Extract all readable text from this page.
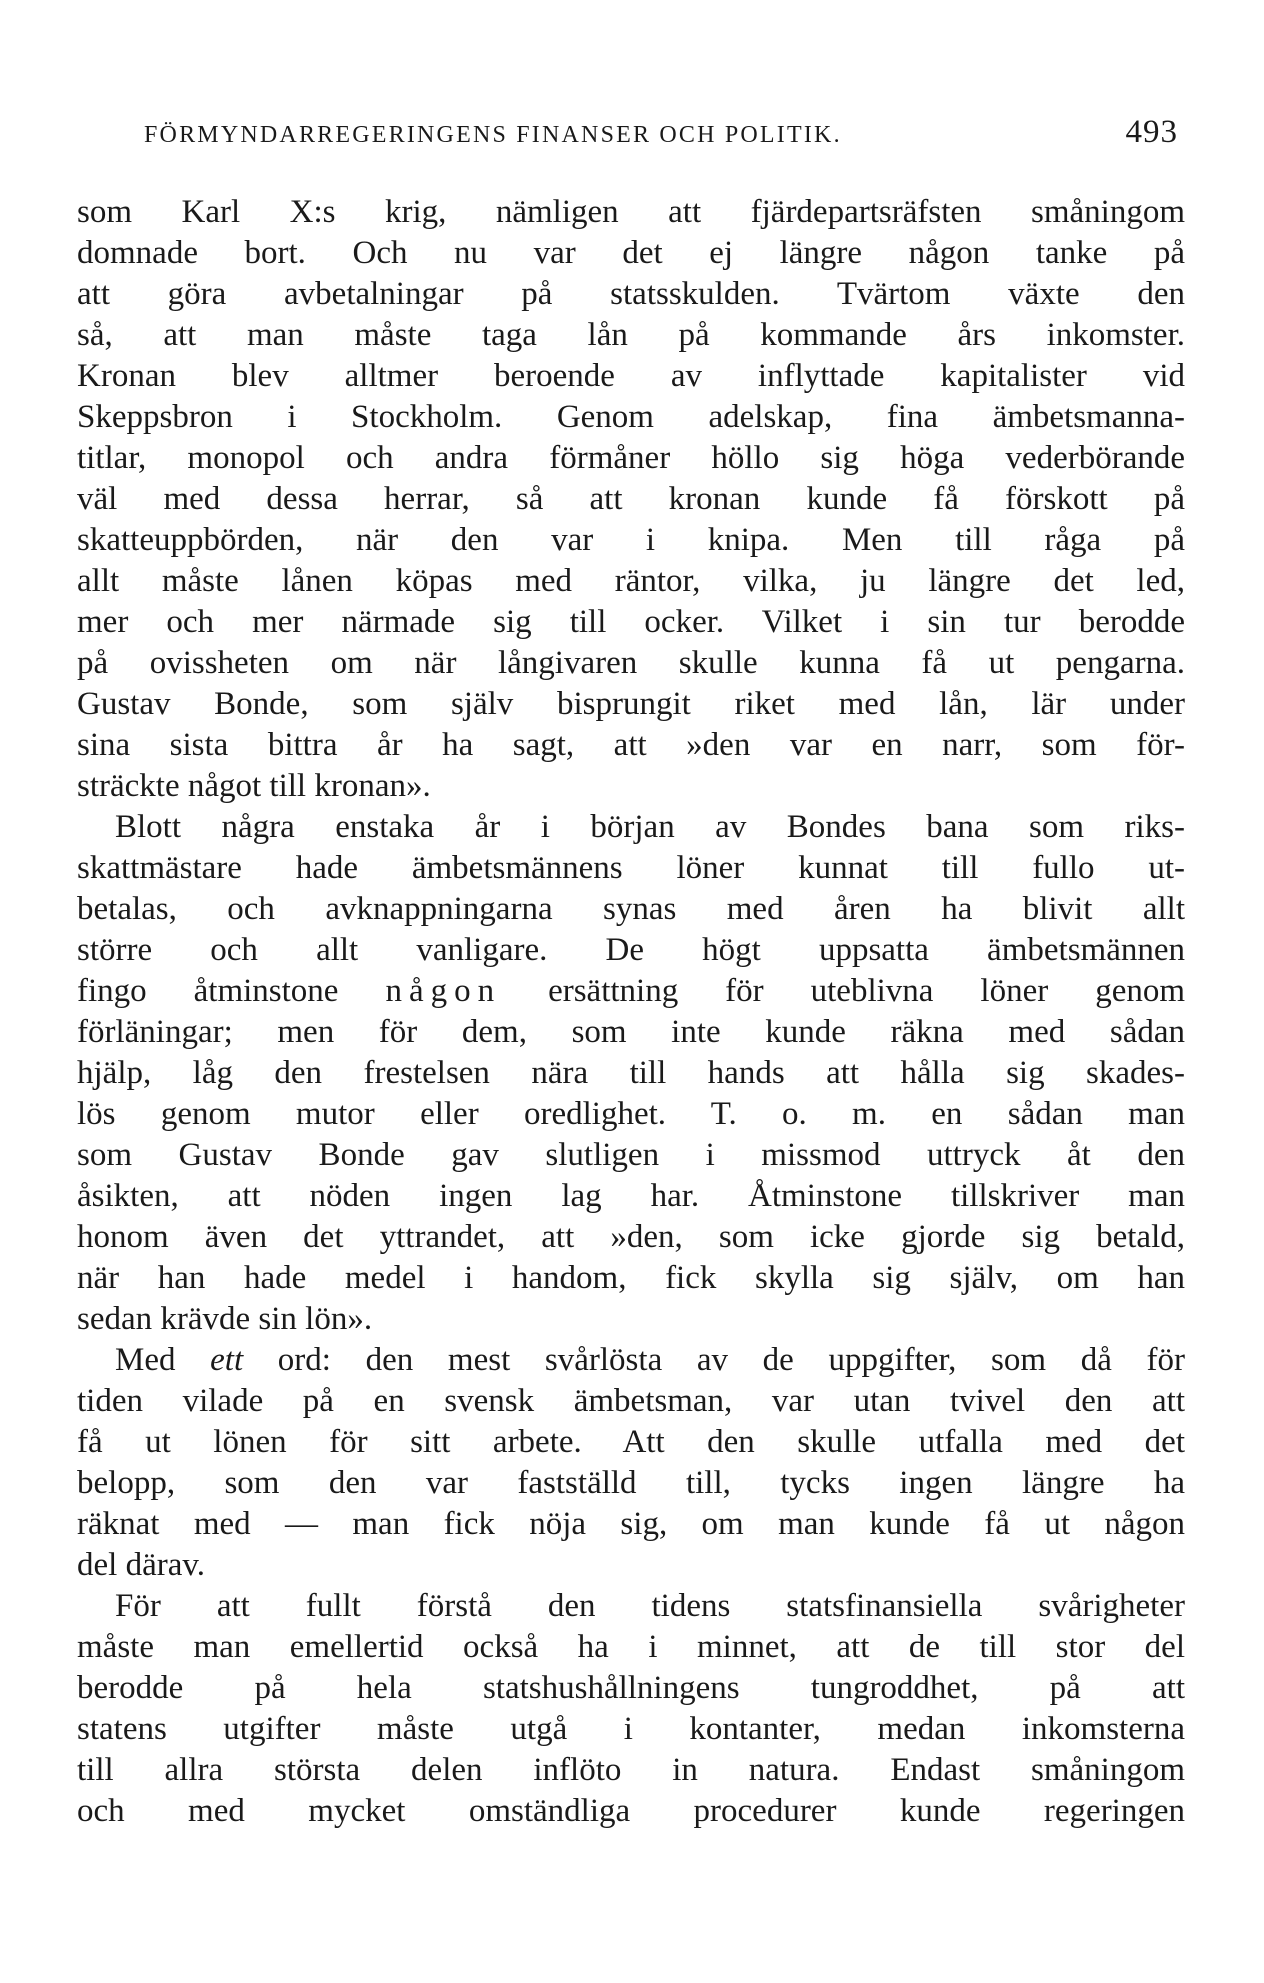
FÖRMYNDARREGERINGENS FINANSER OCH POLITIK.	493
som Karl X:s krig, nämligen att fjärdepartsräfsten småningom
domnade bort. Och nu var det ej längre någon tanke på
att göra avbetalningar på statsskulden. Tvärtom växte den
så, att man måste taga lån på kommande års inkomster.
Kronan blev alltmer beroende av inflyttade kapitalister vid
Skeppsbron i Stockholm. Genom adelskap, fina ämbetsmanna-
titlar, monopol och andra förmåner höllo sig höga vederbörande
väl med dessa herrar, så att kronan kunde få förskott på
skatteuppbörden, när den var i knipa. Men till råga på
allt måste lånen köpas med räntor, vilka, ju längre det led,
mer och mer närmade sig till ocker. Vilket i sin tur berodde
på ovissheten om när långivaren skulle kunna få ut pengarna.
Gustav Bonde, som själv bisprungit riket med lån, lär under
sina sista bittra år ha sagt, att »den var en narr, som för-
sträckte något till kronan».
Blott några enstaka år i början av Bondes bana som riks-
skattmästare hade ämbetsmännens löner kunnat till fullo ut-
betalas, och avknappningarna synas med åren ha blivit allt
större och allt vanligare. De högt uppsatta ämbetsmännen
fingo åtminstone någon ersättning för uteblivna löner genom
förläningar; men för dem, som inte kunde räkna med sådan
hjälp, låg den frestelsen nära till hands att hålla sig skades-
lös genom mutor eller oredlighet. T. o. m. en sådan man
som Gustav Bonde gav slutligen i missmod uttryck åt den
åsikten, att nöden ingen lag har. Åtminstone tillskriver man
honom även det yttrandet, att »den, som icke gjorde sig betald,
när han hade medel i handom, fick skylla sig själv, om han
sedan krävde sin lön».
Med ett ord: den mest svårlösta av de uppgifter, som då för
tiden vilade på en svensk ämbetsman, var utan tvivel den att
få ut lönen för sitt arbete. Att den skulle utfalla med det
belopp, som den var fastställd till, tycks ingen längre ha
räknat med — man fick nöja sig, om man kunde få ut någon
del därav.
För att fullt förstå den tidens statsfinansiella svårigheter
måste man emellertid också ha i minnet, att de till stor del
berodde på hela statshushållningens tungroddhet, på att
statens utgifter måste utgå i kontanter, medan inkomsterna
till allra största delen inflöto in natura. Endast småningom
och med mycket omständliga procedurer kunde regeringen
